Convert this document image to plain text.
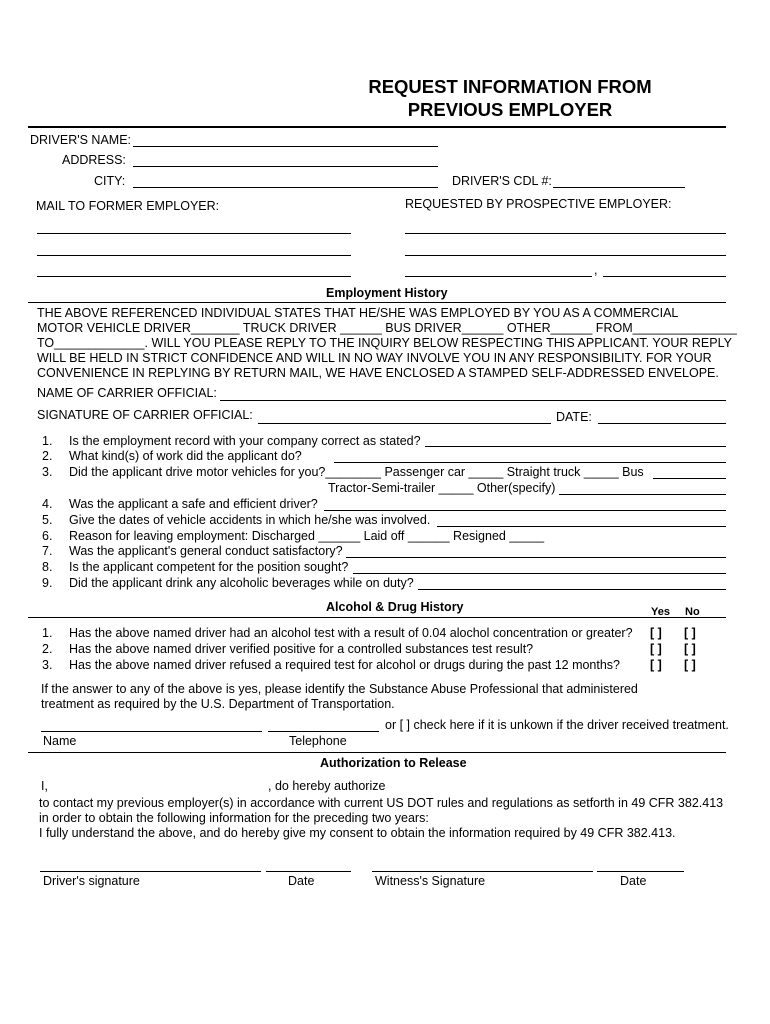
REQUEST INFORMATION FROM
PREVIOUS EMPLOYER
DRIVER'S NAME:
ADDRESS:
CITY:	DRIVER'S CDL #:
MAIL TO FORMER EMPLOYER:	REQUESTED BY PROSPECTIVE EMPLOYER:
,
Employment History
THE ABOVE REFERENCED INDIVIDUAL STATES THAT HE/SHE WAS EMPLOYED BY YOU AS A COMMERCIAL
MOTOR VEHICLE DRIVER_______ TRUCK DRIVER ______ BUS DRIVER______ OTHER______ FROM_______________
TO_____________. WILL YOU PLEASE REPLY TO THE INQUIRY BELOW RESPECTING THIS APPLICANT. YOUR REPLY
WILL BE HELD IN STRICT CONFIDENCE AND WILL IN NO WAY INVOLVE YOU IN ANY RESPONSIBILITY. FOR YOUR
CONVENIENCE IN REPLYING BY RETURN MAIL, WE HAVE ENCLOSED A STAMPED SELF-ADDRESSED ENVELOPE.
NAME OF CARRIER OFFICIAL:
SIGNATURE OF CARRIER OFFICIAL:	DATE:
1. Is the employment record with your company correct as stated?
2. What kind(s) of work did the applicant do?
3. Did the applicant drive motor vehicles for you?________ Passenger car _____ Straight truck _____ Bus
Tractor-Semi-trailer _____ Other(specify)
4. Was the applicant a safe and efficient driver?
5. Give the dates of vehicle accidents in which he/she was involved.
6. Reason for leaving employment: Discharged ______ Laid off ______ Resigned _____
7. Was the applicant's general conduct satisfactory?
8. Is the applicant competent for the position sought?
9. Did the applicant drink any alcoholic beverages while on duty?
Alcohol & Drug History	Yes No
1. Has the above named driver had an alcohol test with a result of 0.04 alochol concentration or greater? [ ] [ ]
2. Has the above named driver verified positive for a controlled substances test result?	[ ] [ ]
3. Has the above named driver refused a required test for alcohol or drugs during the past 12 months? [ ] [ ]
If the answer to any of the above is yes, please identify the Substance Abuse Professional that administered
treatment as required by the U.S. Department of Transportation.
or [ ] check here if it is unkown if the driver received treatment.
Name	Telephone
Authorization to Release
I,	, do hereby authorize
to contact my previous employer(s) in accordance with current US DOT rules and regulations as setforth in 49 CFR 382.413
in order to obtain the following information for the preceding two years:
I fully understand the above, and do hereby give my consent to obtain the information required by 49 CFR 382.413.
Driver's signature	Date	Witness's Signature	Date
